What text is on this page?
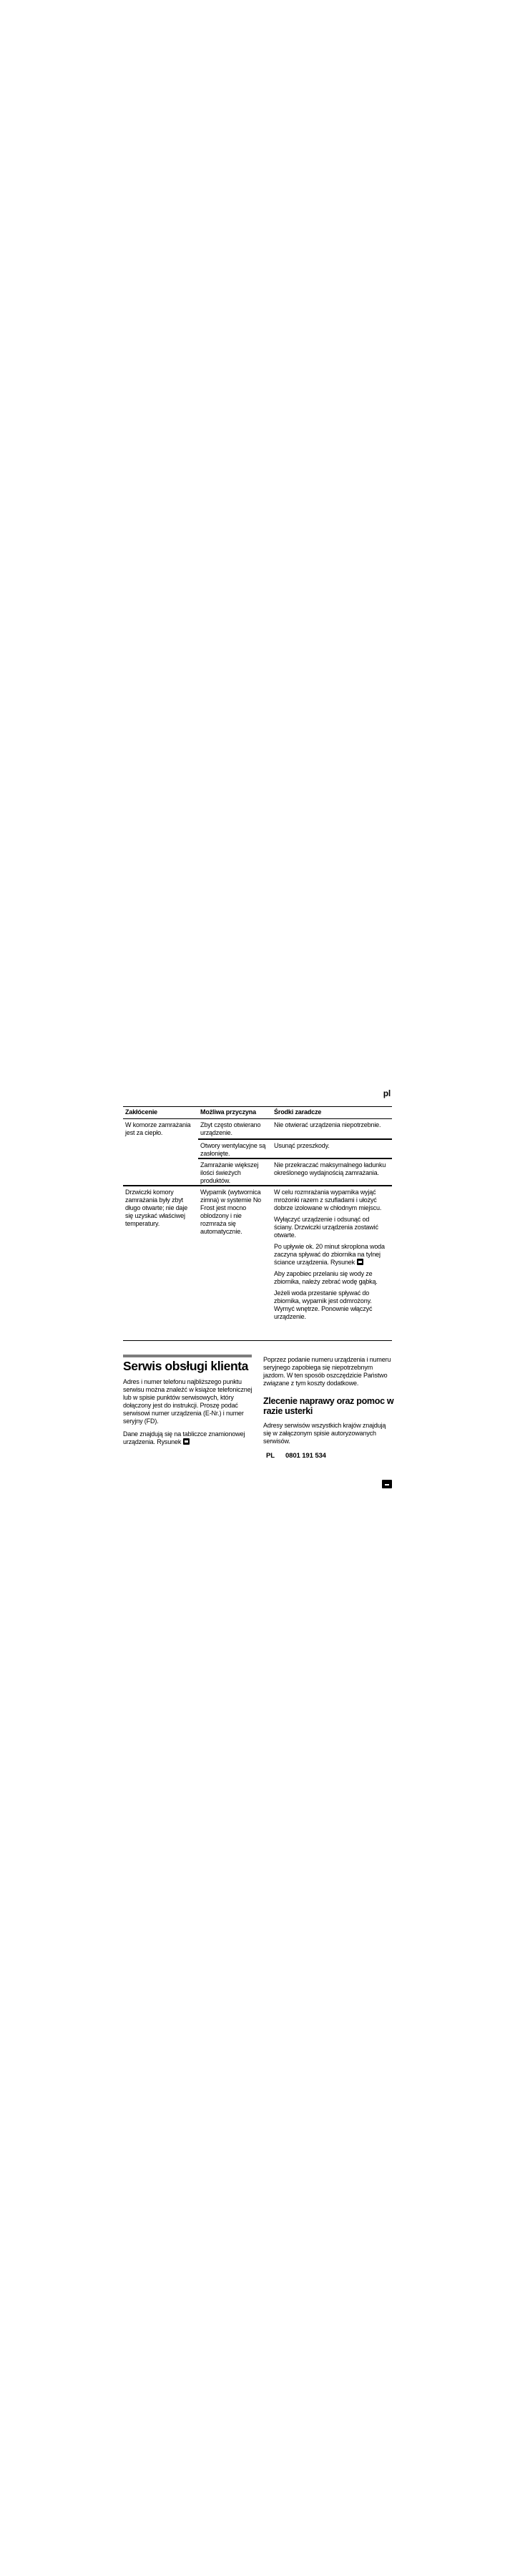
pl
Zakłócenie	Możliwa przyczyna	Środki zaradcze
W komorze zamrażania jest za ciepło.	Zbyt często otwierano urządzenie.	Nie otwierać urządzenia niepotrzebnie.

	Otwory wentylacyjne są zasłonięte.	Usunąć przeszkody.

	Zamrażanie większej ilości świeżych produktów.	Nie przekraczać maksymalnego ładunku określonego wydajnością zamrażania.

Drzwiczki komory zamrażania były zbyt długo otwarte; nie daje się uzyskać właściwej temperatury.	Wyparnik (wytwornica zimna) w systemie No Frost jest mocno oblodzony i nie rozmraża się automatycznie.	W celu rozmrażania wyparnika wyjąć mrożonki razem z szufladami i ułożyć dobrze izolowane w chłodnym miejscu.

Wyłączyć urządzenie i odsunąć od ściany. Drzwiczki urządzenia zostawić otwarte.

Po upływie ok. 20 minut skroplona woda zaczyna spływać do zbiornika na tylnej ściance urządzenia. Rysunek

Aby zapobiec przelaniu się wody ze zbiornika, należy zebrać wodę gąbką.

Jeżeli woda przestanie spływać do zbiornika, wyparnik jest odmrożony. Wymyć wnętrze. Ponownie włączyć urządzenie.

Serwis obsługi klienta

Adres i numer telefonu najbliższego punktu serwisu można znaleźć w książce telefonicznej lub w spisie punktów serwisowych, który dołączony jest do instrukcji. Proszę podać serwisowi numer urządzenia (E-Nr.) i numer seryjny (FD).

Dane znajdują się na tabliczce znamionowej urządzenia. Rysunek

Poprzez podanie numeru urządzenia i numeru seryjnego zapobiega się niepotrzebnym jazdom. W ten sposób oszczędzicie Państwo związane z tym koszty dodatkowe.

Zlecenie naprawy oraz pomoc w razie usterki

Adresy serwisów wszystkich krajów znajdują się w załączonym spisie autoryzowanych serwisów.

PL 0801 191 534
